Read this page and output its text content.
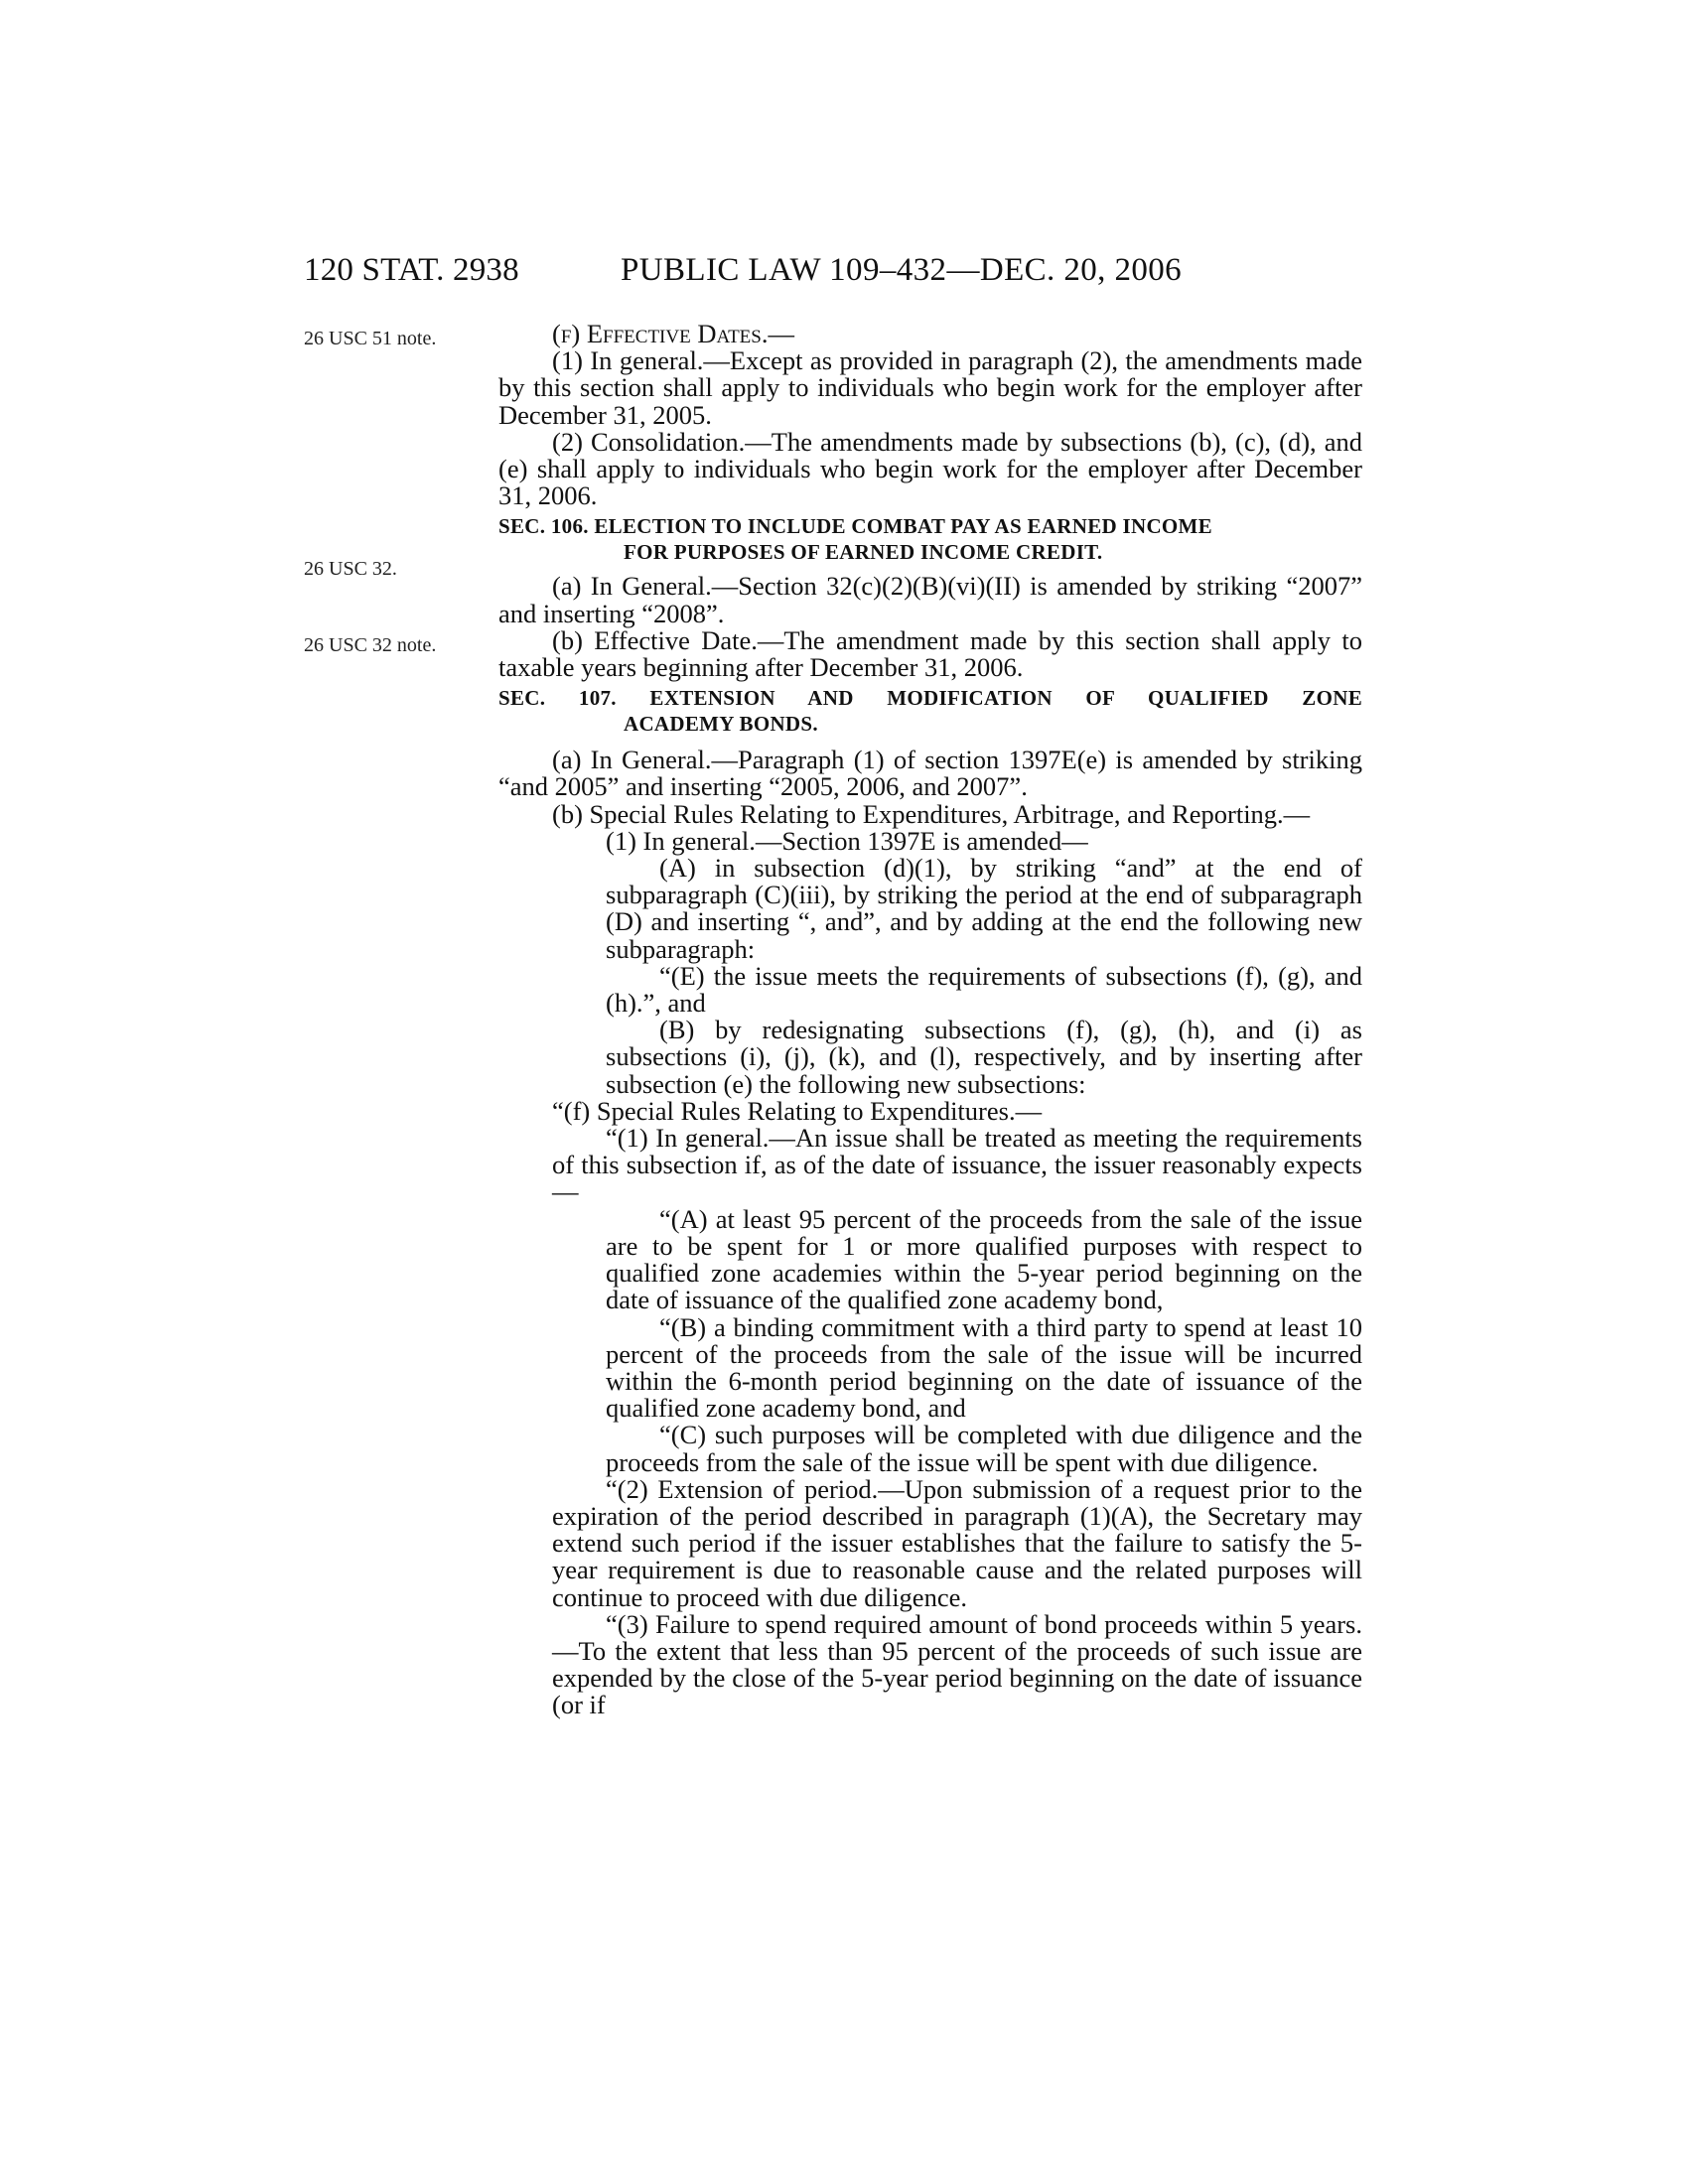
120 STAT. 2938	PUBLIC LAW 109–432—DEC. 20, 2006
26 USC 51 note.
26 USC 32.
26 USC 32 note.

(f) Effective Dates.—

(1) In general.—Except as provided in paragraph (2), the amendments made by this section shall apply to individuals who begin work for the employer after December 31, 2005.

(2) Consolidation.—The amendments made by subsections (b), (c), (d), and (e) shall apply to individuals who begin work for the employer after December 31, 2006.

SEC. 106. ELECTION TO INCLUDE COMBAT PAY AS EARNED INCOME
FOR PURPOSES OF EARNED INCOME CREDIT.

(a) In General.—Section 32(c)(2)(B)(vi)(II) is amended by striking “2007” and inserting “2008”.

(b) Effective Date.—The amendment made by this section shall apply to taxable years beginning after December 31, 2006.

SEC. 107. EXTENSION AND MODIFICATION OF QUALIFIED ZONE
ACADEMY BONDS.

(a) In General.—Paragraph (1) of section 1397E(e) is amended by striking “and 2005” and inserting “2005, 2006, and 2007”.

(b) Special Rules Relating to Expenditures, Arbitrage, and Reporting.—

(1) In general.—Section 1397E is amended—

(A) in subsection (d)(1), by striking “and” at the end of subparagraph (C)(iii), by striking the period at the end of subparagraph (D) and inserting “, and”, and by adding at the end the following new subparagraph:

“(E) the issue meets the requirements of subsections (f), (g), and (h).”, and

(B) by redesignating subsections (f), (g), (h), and (i) as subsections (i), (j), (k), and (l), respectively, and by inserting after subsection (e) the following new subsections:

“(f) Special Rules Relating to Expenditures.—

“(1) In general.—An issue shall be treated as meeting the requirements of this subsection if, as of the date of issuance, the issuer reasonably expects—

“(A) at least 95 percent of the proceeds from the sale of the issue are to be spent for 1 or more qualified purposes with respect to qualified zone academies within the 5-year period beginning on the date of issuance of the qualified zone academy bond,

“(B) a binding commitment with a third party to spend at least 10 percent of the proceeds from the sale of the issue will be incurred within the 6-month period beginning on the date of issuance of the qualified zone academy bond, and

“(C) such purposes will be completed with due diligence and the proceeds from the sale of the issue will be spent with due diligence.

“(2) Extension of period.—Upon submission of a request prior to the expiration of the period described in paragraph (1)(A), the Secretary may extend such period if the issuer establishes that the failure to satisfy the 5-year requirement is due to reasonable cause and the related purposes will continue to proceed with due diligence.

“(3) Failure to spend required amount of bond proceeds within 5 years.—To the extent that less than 95 percent of the proceeds of such issue are expended by the close of the 5-year period beginning on the date of issuance (or if
